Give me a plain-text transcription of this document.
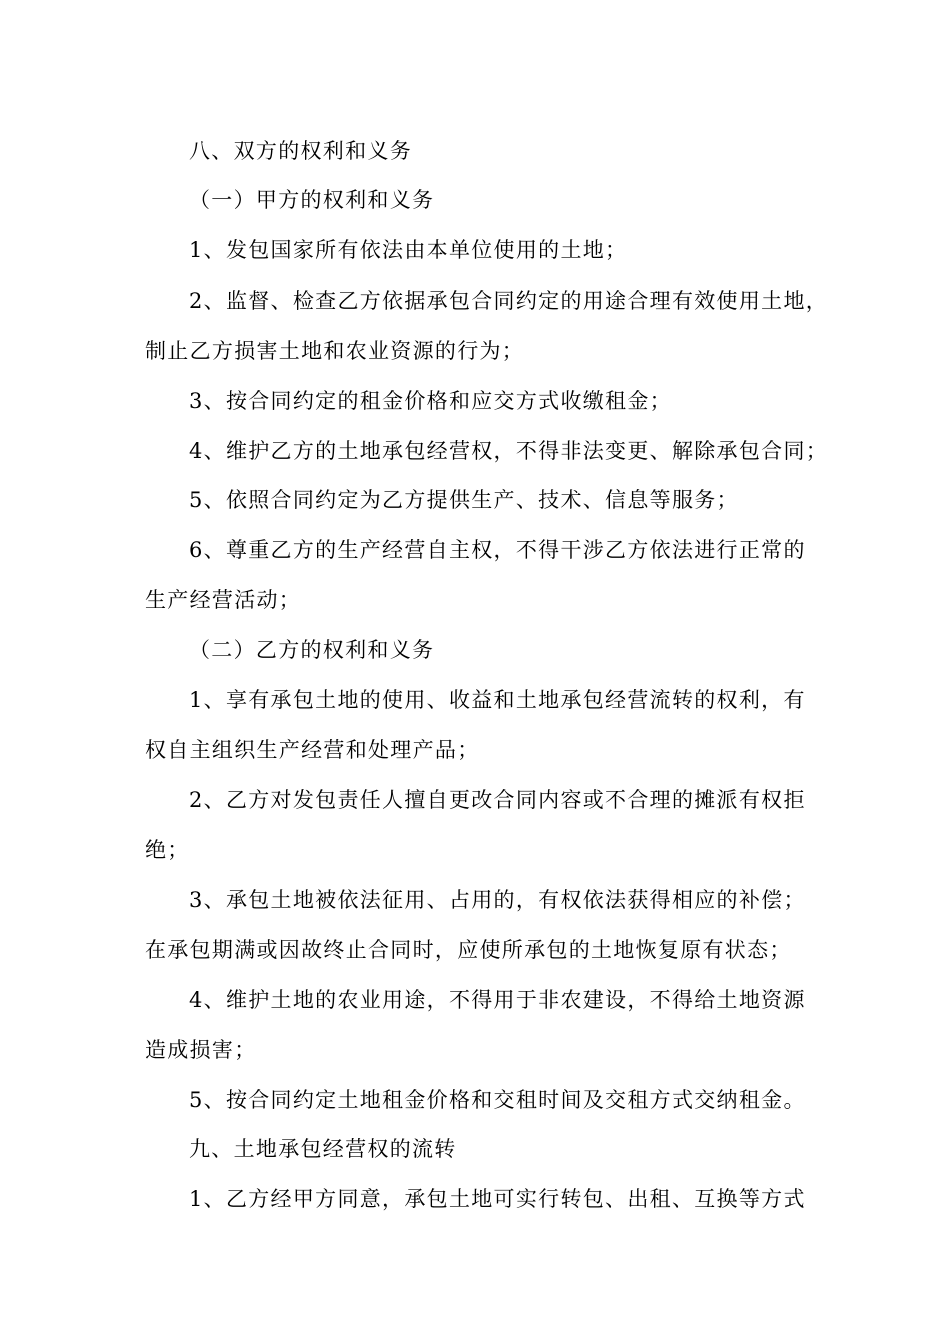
八、双方的权利和义务
（一）甲方的权利和义务
1、发包国家所有依法由本单位使用的土地；
2、监督、检查乙方依据承包合同约定的用途合理有效使用土地，
制止乙方损害土地和农业资源的行为；
3、按合同约定的租金价格和应交方式收缴租金；
4、维护乙方的土地承包经营权，不得非法变更、解除承包合同；
5、依照合同约定为乙方提供生产、技术、信息等服务；
6、尊重乙方的生产经营自主权，不得干涉乙方依法进行正常的
生产经营活动；
（二）乙方的权利和义务
1、享有承包土地的使用、收益和土地承包经营流转的权利，有
权自主组织生产经营和处理产品；
2、乙方对发包责任人擅自更改合同内容或不合理的摊派有权拒
绝；
3、承包土地被依法征用、占用的，有权依法获得相应的补偿；
在承包期满或因故终止合同时，应使所承包的土地恢复原有状态；
4、维护土地的农业用途，不得用于非农建设，不得给土地资源
造成损害；
5、按合同约定土地租金价格和交租时间及交租方式交纳租金。
九、土地承包经营权的流转
1、乙方经甲方同意，承包土地可实行转包、出租、互换等方式
